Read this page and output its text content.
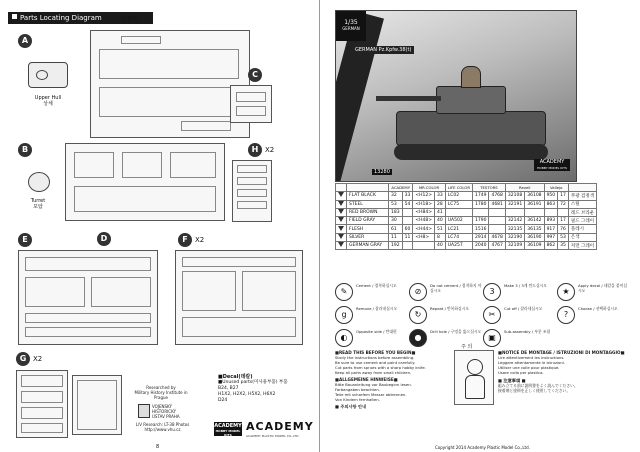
Parts Locating Diagram	부품도
A
Upper Hull
상체
C
H X2
B
Turret
포탑
E	F	X2
G X2
D
Researched by
Military History Institute in Prague
VOJENSKÝ
HISTORICKÝ
ÚSTAV PRAHA
L/V Research: LT-38 Photos
http://www.vhu.cz
■Decal(데칼)
■Unused parts(미사용부품) 부품
B24, B27
H1X2, H2X2, H5X2, H6X2
D24
ACADEMY
HOBBY MODEL KITS
ACADEMY
ACADEMY PLASTIC MODEL CO.,LTD.
8
1/35
GERMAN
GERMAN Pz.Kpfw.38(t)
13280
ACADEMY
HOBBY MODEL KITS
		ACADEMY		MR.COLOR		LIFE COLOR	TESTORS		Revell		Vallejo		
	FLAT BLACK	32	33	<H12>	33	LC02	1749	4768	32108	36108	950	17	무광 검정색
	STEEL	53	54	<H18>	28	LC75	1780	4681	32191	36191	863	72	스틸
	RED BROWN	183		<H84>	41								레드 브라운
	FIELD GRAY	30		<H48>	40	UA502	1790		32142	36142	893	17	필드 그레이
	FLESH	61	60	<H44>	51	LC21	1516		32135	36135	917	76	플레시
	SILVER	11	11	<H8>	8	LC74	2914	4678	32190	36190	997	53	은색
	GERMAN GRAY	192			40	UA257	2040	4767	32109	36109	862	35	저먼 그레이
✎
Cement / 접착하십시오
⊘
Do not cement / 접착하지 마십시오	3
Make 3 / 3개 만드십시오
★
Apply decal / 데칼을 붙이십시오
g
Remove / 잘라내십시오
↻
Repeat / 반복하십시오
✂
Cut off / 잘라내십시오
?
Choose / 선택하십시오
◐
Opposite side / 반대편
●
Drill hole / 구멍을 뚫으십시오
▣
Sub-assembly / 부분 조립
■READ THIS BEFORE YOU BEGIN■
Study the instructions before assembling.
Be sure to use cement and paint carefully.
Cut parts from sprues with a sharp hobby knife.
Keep all parts away from small children.
■ALLGEMEINE HINWEISE■
Bitte Bauanleitung vor Baubeginn lesen.
Farbangaben beachten.
Teile mit scharfem Messer abtrennen.
Von Kindern fernhalten.
■ 주의사항 안내
주 의
■NOTICE DE MONTAGE / ISTRUZIONI DI MONTAGGIO■
Lire attentivement les instructions.
Leggere attentamente le istruzioni.
Utiliser une colle pour plastique.
Usare colla per plastica.
■ 注意事項 ■
組み立てる前に説明書をよく読んでください。
接着剤と塗料を正しく使用してください。
Copyright 2014 Academy Plastic Model Co.,Ltd.
